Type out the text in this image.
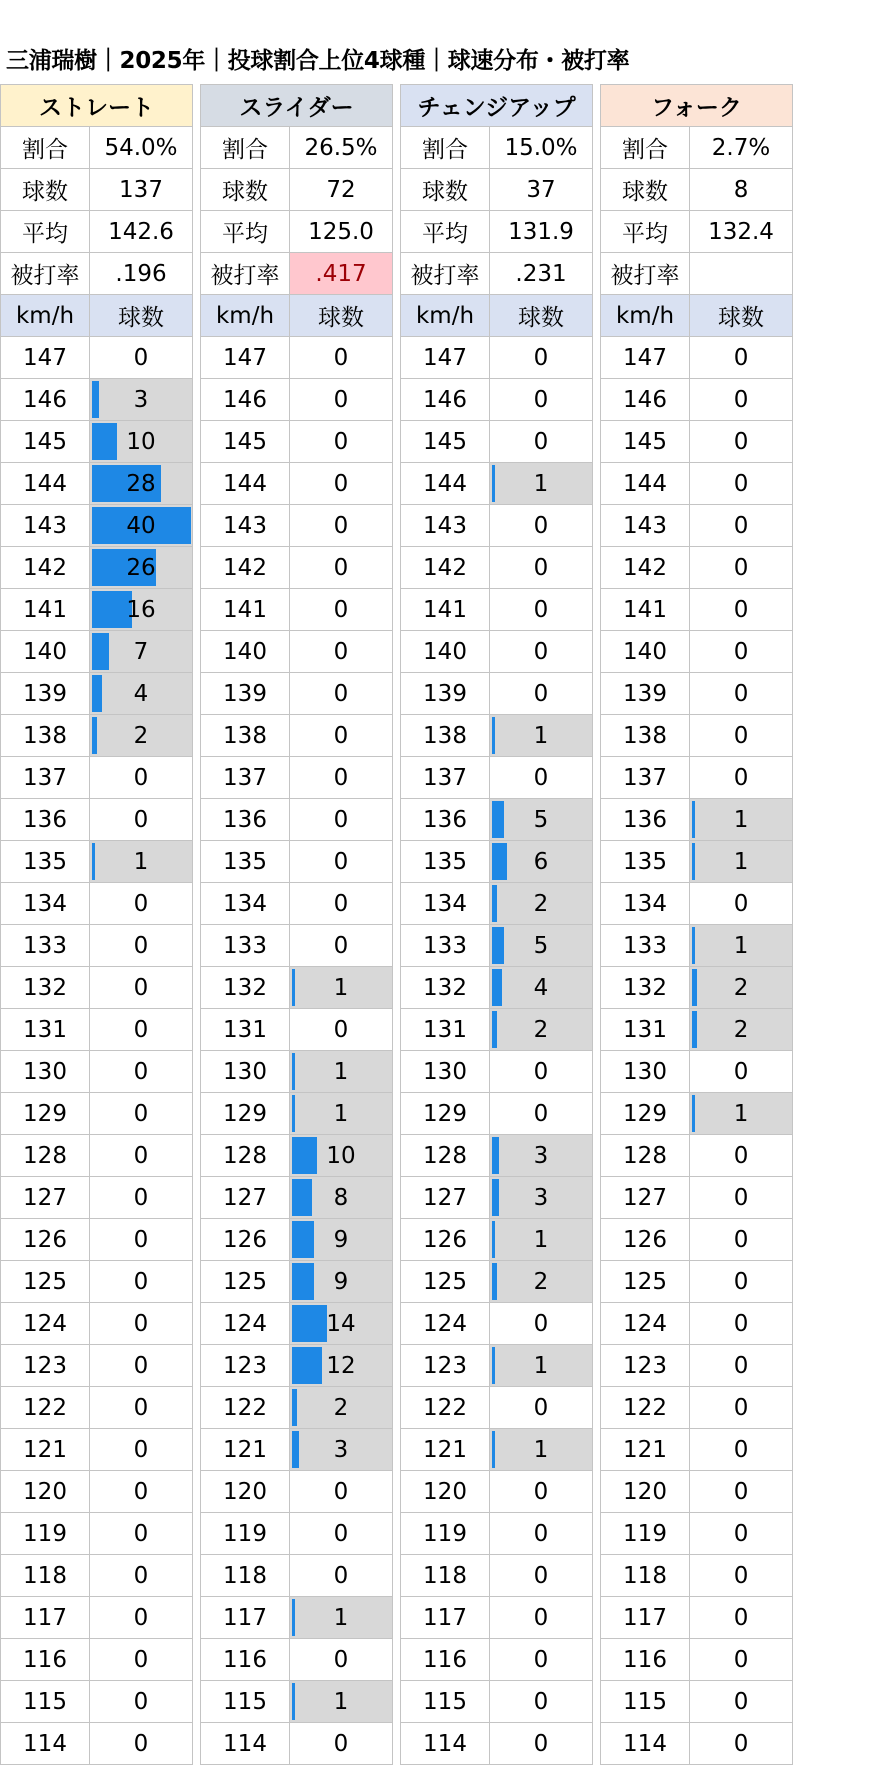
三浦瑞樹｜2025年｜投球割合上位4球種｜球速分布・被打率
ストレート	
割合	54.0%
球数	137
平均	142.6
被打率	.196
km/h	球数
147	0
146	3
145	10
144	28
143	40
142	26
141	16
140	7
139	4
138	2
137	0
136	0
135	1
134	0
133	0
132	0
131	0
130	0
129	0
128	0
127	0
126	0
125	0
124	0
123	0
122	0
121	0
120	0
119	0
118	0
117	0
116	0
115	0
114	0
スライダー	
割合	26.5%
球数	72
平均	125.0
被打率	.417
km/h	球数
147	0
146	0
145	0
144	0
143	0
142	0
141	0
140	0
139	0
138	0
137	0
136	0
135	0
134	0
133	0
132	1
131	0
130	1
129	1
128	10
127	8
126	9
125	9
124	14
123	12
122	2
121	3
120	0
119	0
118	0
117	1
116	0
115	1
114	0
チェンジアップ	
割合	15.0%
球数	37
平均	131.9
被打率	.231
km/h	球数
147	0
146	0
145	0
144	1
143	0
142	0
141	0
140	0
139	0
138	1
137	0
136	5
135	6
134	2
133	5
132	4
131	2
130	0
129	0
128	3
127	3
126	1
125	2
124	0
123	1
122	0
121	1
120	0
119	0
118	0
117	0
116	0
115	0
114	0
フォーク	
割合	2.7%
球数	8
平均	132.4
被打率	
km/h	球数
147	0
146	0
145	0
144	0
143	0
142	0
141	0
140	0
139	0
138	0
137	0
136	1
135	1
134	0
133	1
132	2
131	2
130	0
129	1
128	0
127	0
126	0
125	0
124	0
123	0
122	0
121	0
120	0
119	0
118	0
117	0
116	0
115	0
114	0
